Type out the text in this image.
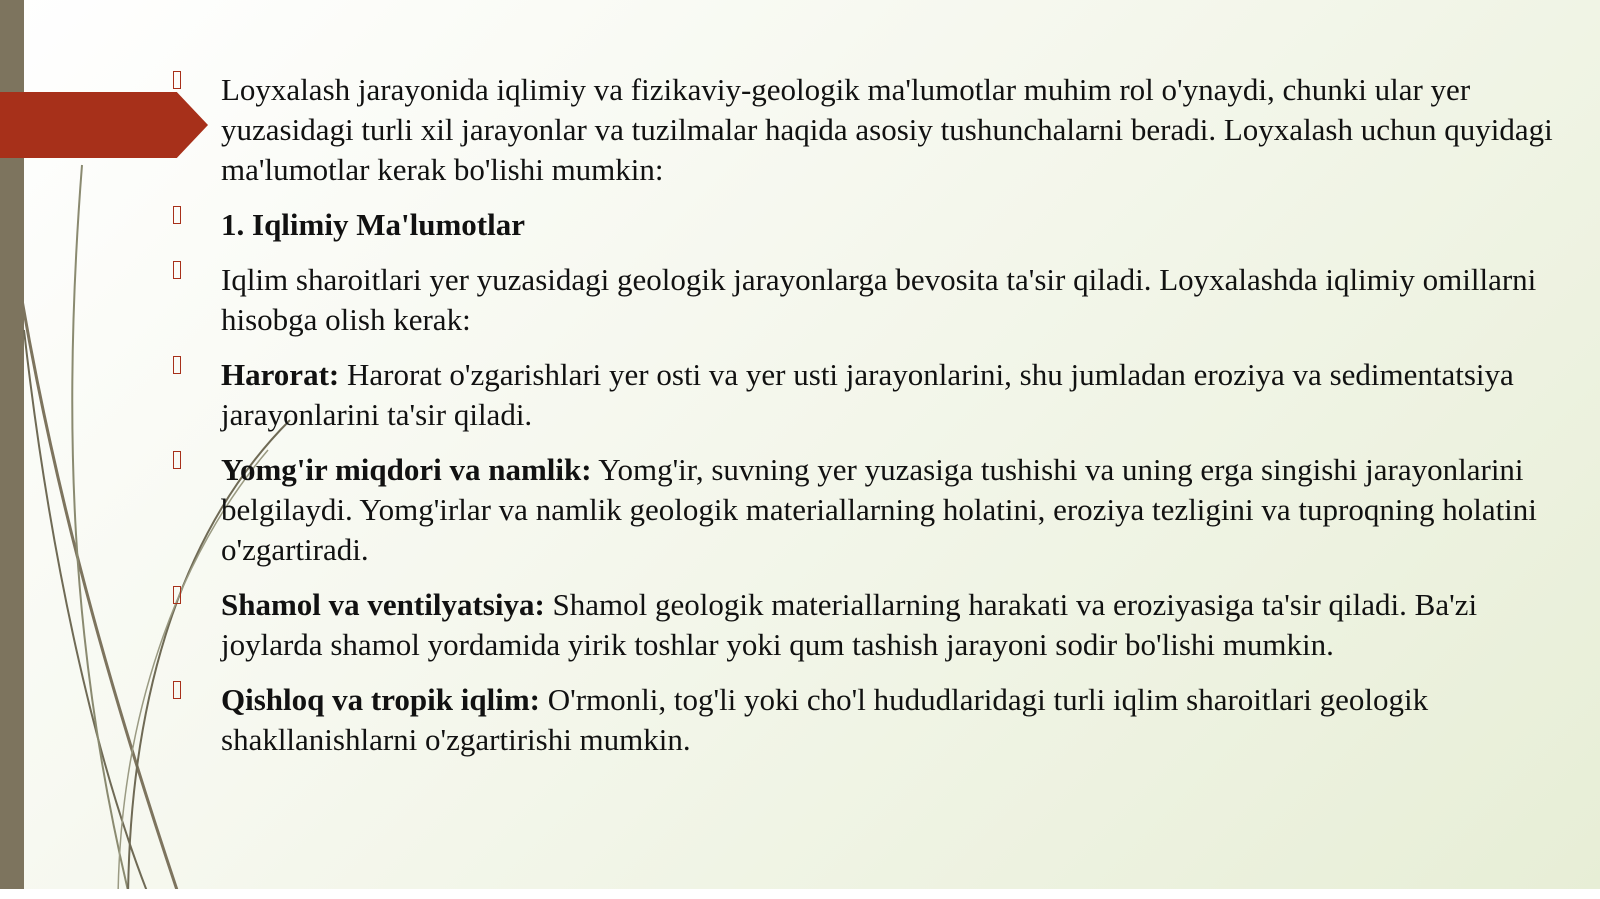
Loyxalash jarayonida iqlimiy va fizikaviy-geologik ma'lumotlar muhim rol o'ynaydi, chunki ular yer yuzasidagi turli xil jarayonlar va tuzilmalar haqida asosiy tushunchalarni beradi. Loyxalash uchun quyidagi ma'lumotlar kerak bo'lishi mumkin:
1. Iqlimiy Ma'lumotlar
Iqlim sharoitlari yer yuzasidagi geologik jarayonlarga bevosita ta'sir qiladi. Loyxalashda iqlimiy omillarni hisobga olish kerak:
Harorat: Harorat o'zgarishlari yer osti va yer usti jarayonlarini, shu jumladan eroziya va sedimentatsiya jarayonlarini ta'sir qiladi.
Yomg'ir miqdori va namlik: Yomg'ir, suvning yer yuzasiga tushishi va uning erga singishi jarayonlarini belgilaydi. Yomg'irlar va namlik geologik materiallarning holatini, eroziya tezligini va tuproqning holatini o'zgartiradi.
Shamol va ventilyatsiya: Shamol geologik materiallarning harakati va eroziyasiga ta'sir qiladi. Ba'zi joylarda shamol yordamida yirik toshlar yoki qum tashish jarayoni sodir bo'lishi mumkin.
Qishloq va tropik iqlim: O'rmonli, tog'li yoki cho'l hududlaridagi turli iqlim sharoitlari geologik shakllanishlarni o'zgartirishi mumkin.
